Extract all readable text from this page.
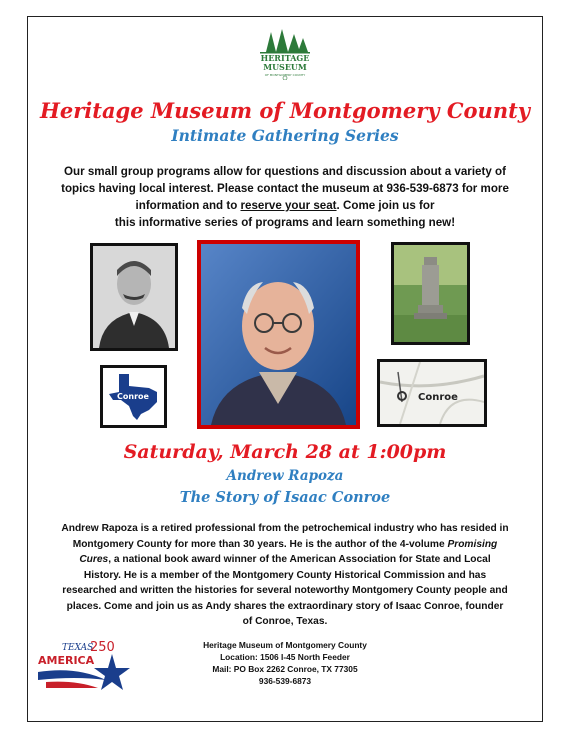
HERITAGE
MUSEUM
OF MONTGOMERY COUNTY
Heritage Museum of Montgomery County
Intimate Gathering Series
Our small group programs allow for questions and discussion about a variety of topics having local interest. Please contact the museum at 936-539-6873 for more information and to reserve your seat. Come join us for
this informative series of programs and learn something new!
Conroe	Conroe
Saturday, March 28 at 1:00pm
Andrew Rapoza
The Story of Isaac Conroe
Andrew Rapoza is a retired professional from the petrochemical industry who has resided in Montgomery County for more than 30 years. He is the author of the 4-volume Promising Cures, a national book award winner of the American Association for State and Local History. He is a member of the Montgomery County Historical Commission and has researched and written the histories for several noteworthy Montgomery County people and places. Come and join us as Andy shares the extraordinary story of Isaac Conroe, founder of Conroe, Texas.
TEXAS
250
AMERICA
Heritage Museum of Montgomery County
Location: 1506 I-45 North Feeder
Mail: PO Box 2262 Conroe, TX 77305
936-539-6873
